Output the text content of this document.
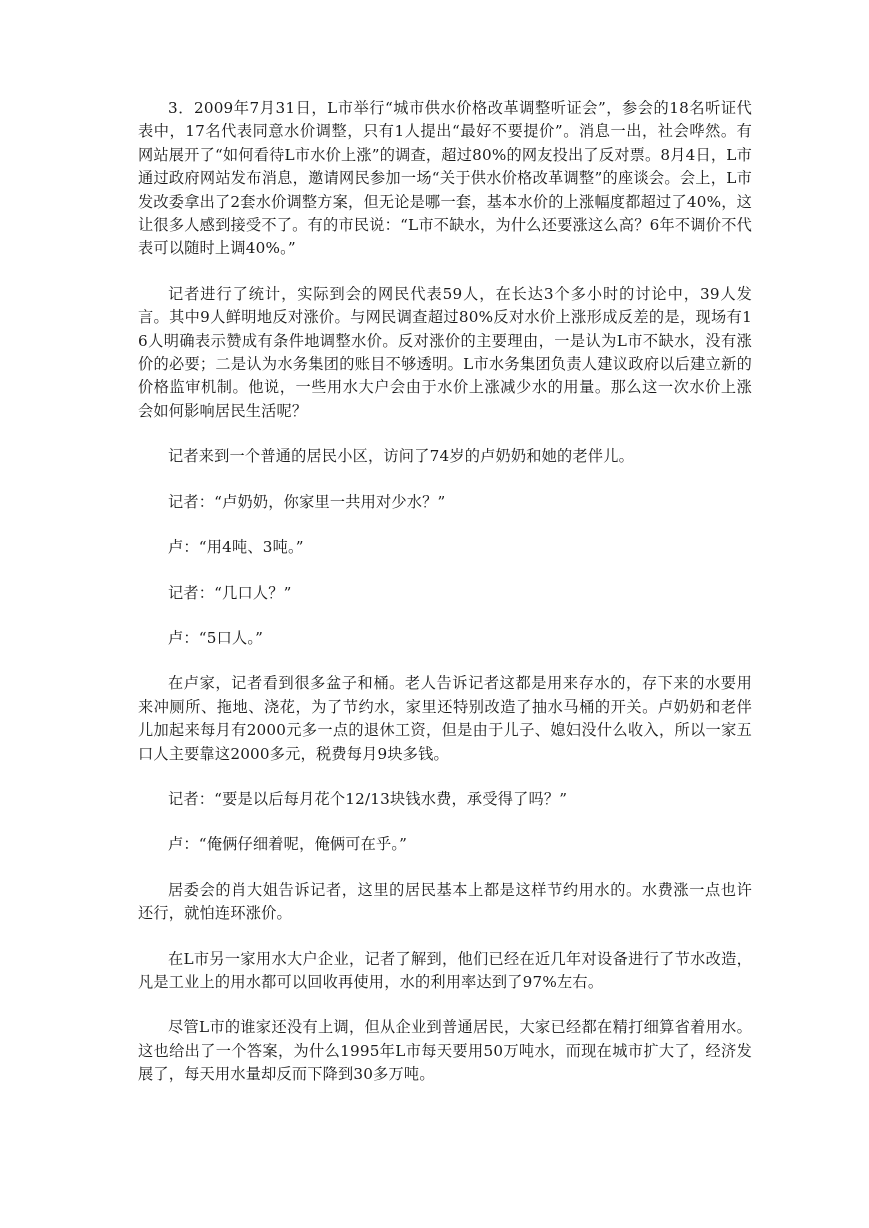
3．2009年7月31日，L市举行“城市供水价格改革调整听证会”，参会的18名听证代表中，17名代表同意水价调整，只有1人提出“最好不要提价”。消息一出，社会哗然。有网站展开了“如何看待L市水价上涨”的调查，超过80%的网友投出了反对票。8月4日，L市通过政府网站发布消息，邀请网民参加一场“关于供水价格改革调整”的座谈会。会上，L市发改委拿出了2套水价调整方案，但无论是哪一套，基本水价的上涨幅度都超过了40%，这让很多人感到接受不了。有的市民说：“L市不缺水，为什么还要涨这么高？6年不调价不代表可以随时上调40%。”

记者进行了统计，实际到会的网民代表59人，在长达3个多小时的讨论中，39人发言。其中9人鲜明地反对涨价。与网民调查超过80%反对水价上涨形成反差的是，现场有16人明确表示赞成有条件地调整水价。反对涨价的主要理由，一是认为L市不缺水，没有涨价的必要；二是认为水务集团的账目不够透明。L市水务集团负责人建议政府以后建立新的价格监审机制。他说，一些用水大户会由于水价上涨减少水的用量。那么这一次水价上涨会如何影响居民生活呢？

记者来到一个普通的居民小区，访问了74岁的卢奶奶和她的老伴儿。

记者：“卢奶奶，你家里一共用对少水？”

卢：“用4吨、3吨。”

记者：“几口人？”

卢：“5口人。”

在卢家，记者看到很多盆子和桶。老人告诉记者这都是用来存水的，存下来的水要用来冲厕所、拖地、浇花，为了节约水，家里还特别改造了抽水马桶的开关。卢奶奶和老伴儿加起来每月有2000元多一点的退休工资，但是由于儿子、媳妇没什么收入，所以一家五口人主要靠这2000多元，税费每月9块多钱。

记者：“要是以后每月花个12/13块钱水费，承受得了吗？”

卢：“俺俩仔细着呢，俺俩可在乎。”

居委会的肖大姐告诉记者，这里的居民基本上都是这样节约用水的。水费涨一点也许还行，就怕连环涨价。

在L市另一家用水大户企业，记者了解到，他们已经在近几年对设备进行了节水改造，凡是工业上的用水都可以回收再使用，水的利用率达到了97%左右。

尽管L市的谁家还没有上调，但从企业到普通居民，大家已经都在精打细算省着用水。这也给出了一个答案，为什么1995年L市每天要用50万吨水，而现在城市扩大了，经济发展了，每天用水量却反而下降到30多万吨。
